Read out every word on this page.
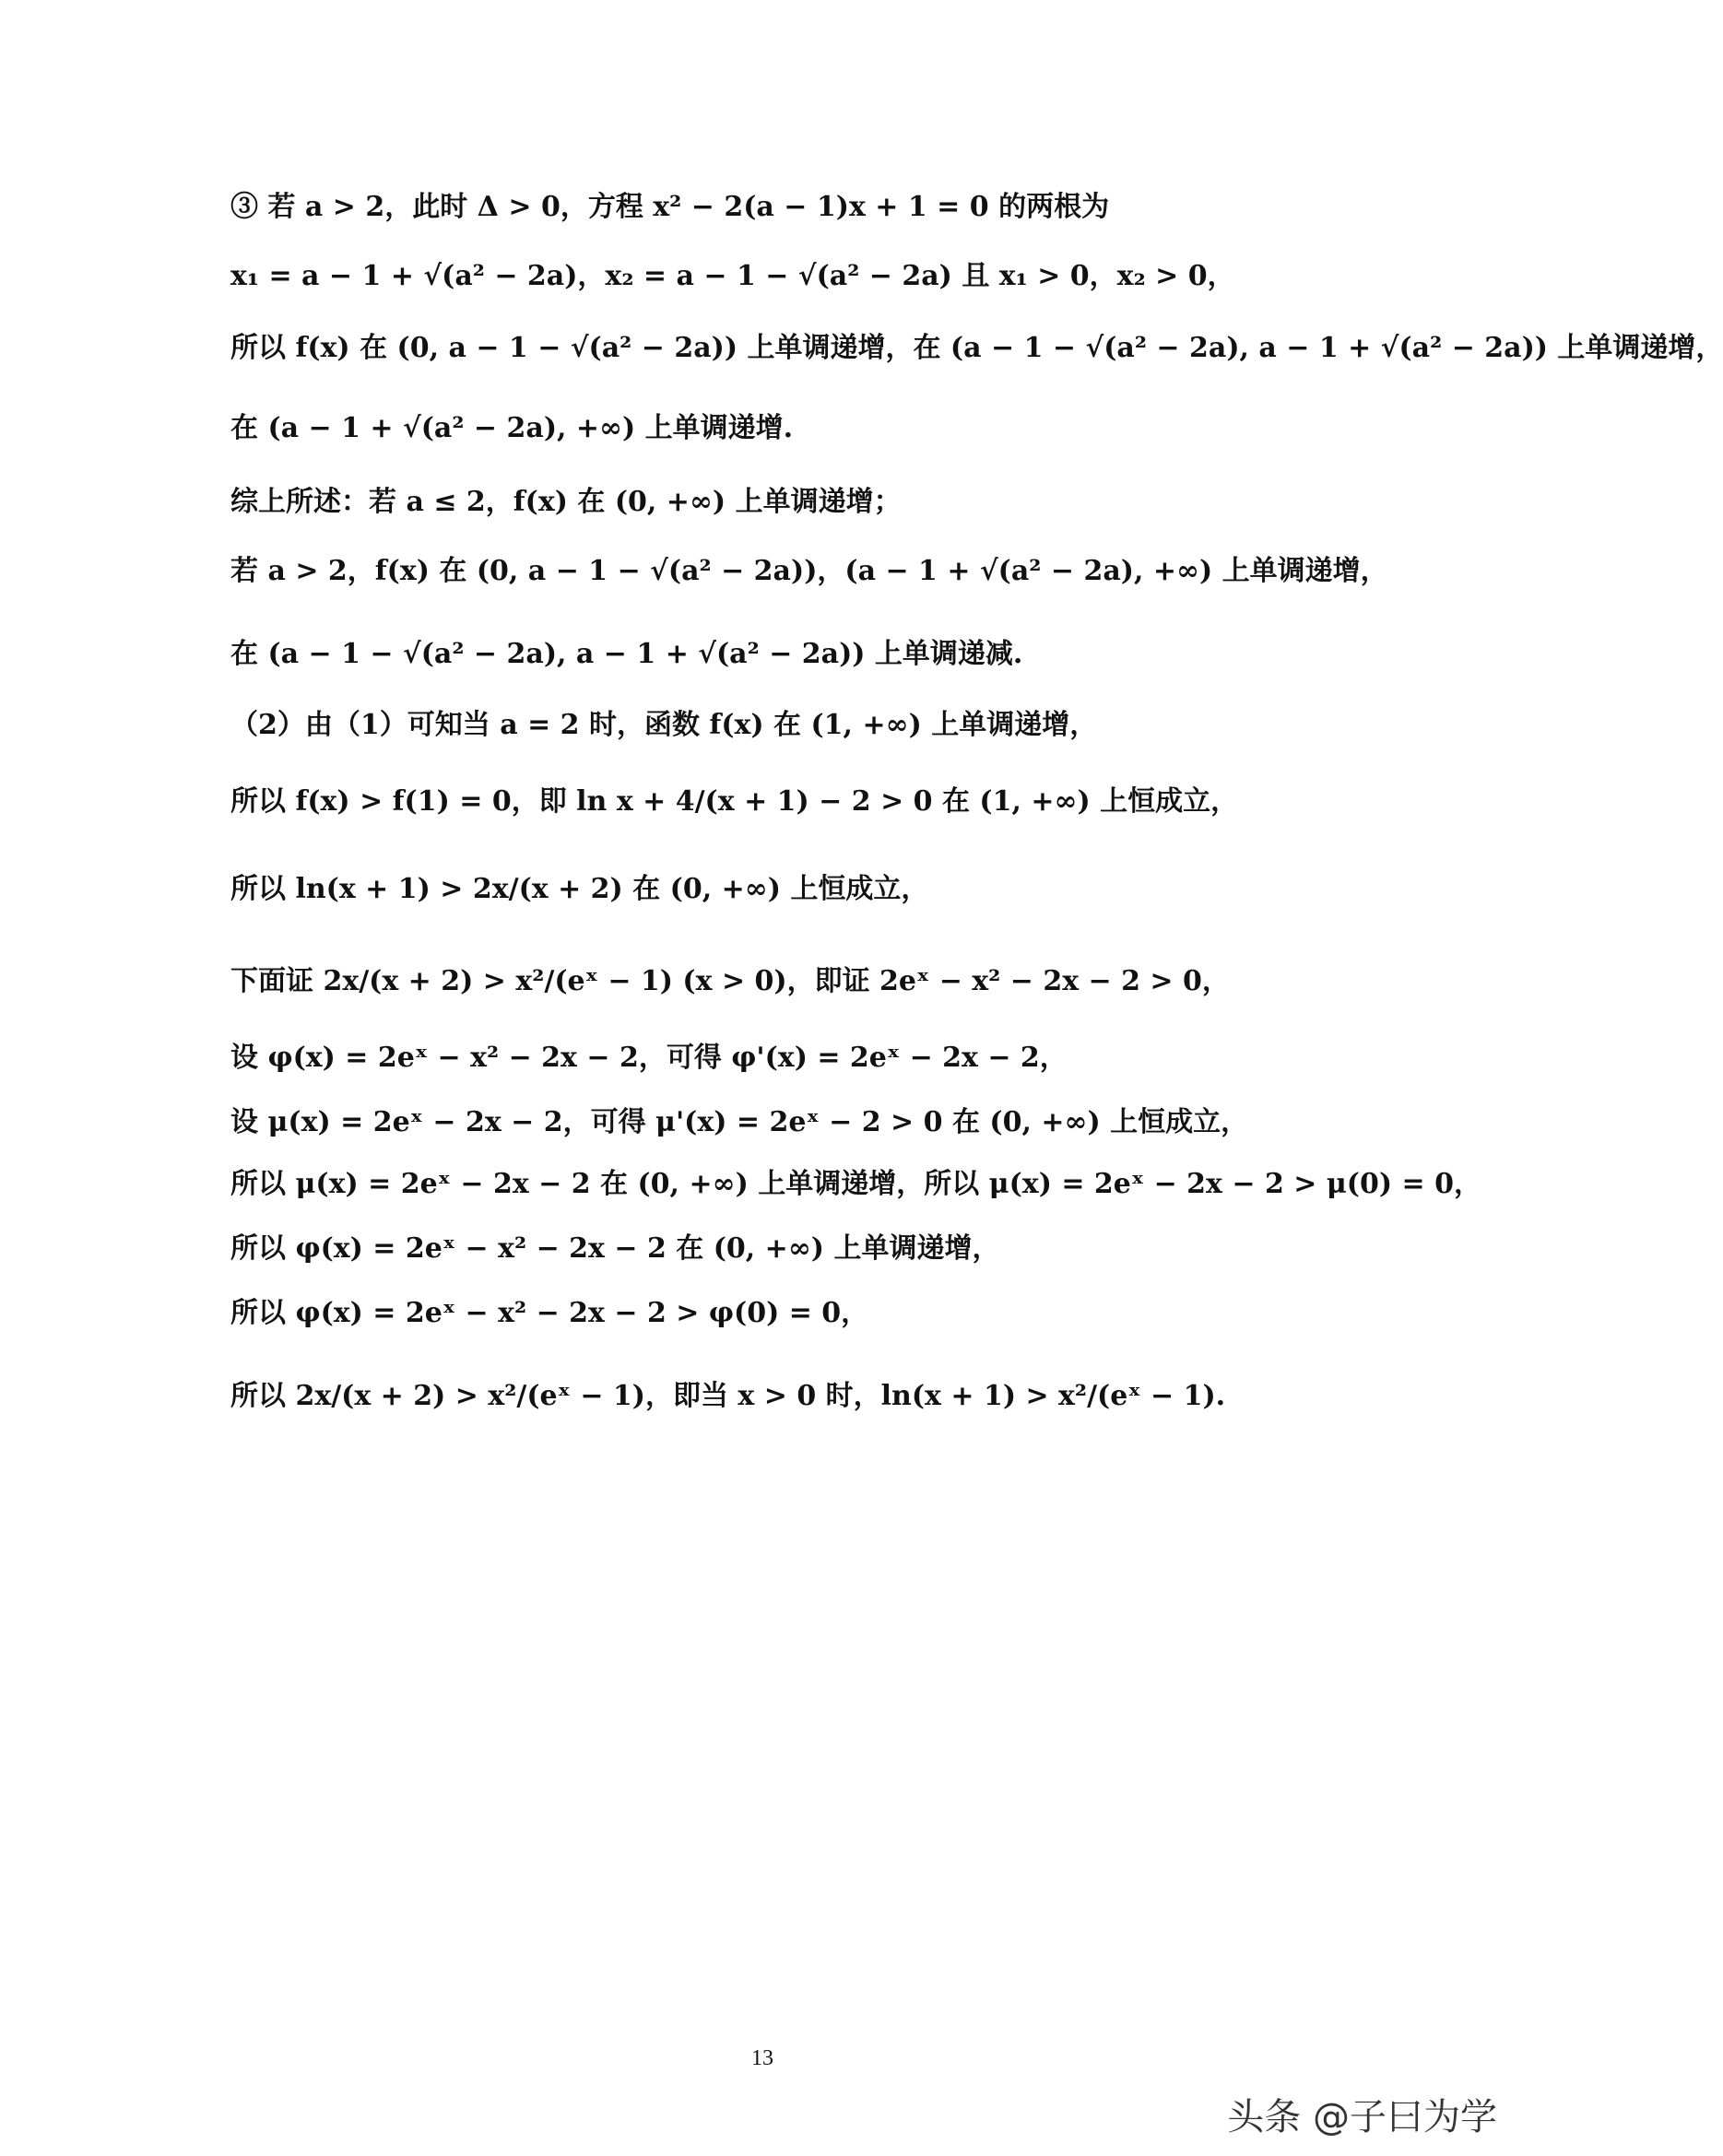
③ 若 a > 2，此时 Δ > 0，方程 x² − 2(a − 1)x + 1 = 0 的两根为
x₁ = a − 1 + √(a² − 2a)，x₂ = a − 1 − √(a² − 2a) 且 x₁ > 0，x₂ > 0，
所以 f(x) 在 (0, a − 1 − √(a² − 2a)) 上单调递增，在 (a − 1 − √(a² − 2a), a − 1 + √(a² − 2a)) 上单调递增，
在 (a − 1 + √(a² − 2a), +∞) 上单调递增.
综上所述：若 a ≤ 2，f(x) 在 (0, +∞) 上单调递增；
若 a > 2，f(x) 在 (0, a − 1 − √(a² − 2a))，(a − 1 + √(a² − 2a), +∞) 上单调递增，
在 (a − 1 − √(a² − 2a), a − 1 + √(a² − 2a)) 上单调递减.
（2）由（1）可知当 a = 2 时，函数 f(x) 在 (1, +∞) 上单调递增，
所以 f(x) > f(1) = 0，即 ln x + 4/(x + 1) − 2 > 0 在 (1, +∞) 上恒成立，
所以 ln(x + 1) > 2x/(x + 2) 在 (0, +∞) 上恒成立，
下面证 2x/(x + 2) > x²/(eˣ − 1) (x > 0)，即证 2eˣ − x² − 2x − 2 > 0，
设 φ(x) = 2eˣ − x² − 2x − 2，可得 φ'(x) = 2eˣ − 2x − 2，
设 μ(x) = 2eˣ − 2x − 2，可得 μ'(x) = 2eˣ − 2 > 0 在 (0, +∞) 上恒成立，
所以 μ(x) = 2eˣ − 2x − 2 在 (0, +∞) 上单调递增，所以 μ(x) = 2eˣ − 2x − 2 > μ(0) = 0，
所以 φ(x) = 2eˣ − x² − 2x − 2 在 (0, +∞) 上单调递增，
所以 φ(x) = 2eˣ − x² − 2x − 2 > φ(0) = 0，
所以 2x/(x + 2) > x²/(eˣ − 1)，即当 x > 0 时，ln(x + 1) > x²/(eˣ − 1).
13
头条 @子曰为学
